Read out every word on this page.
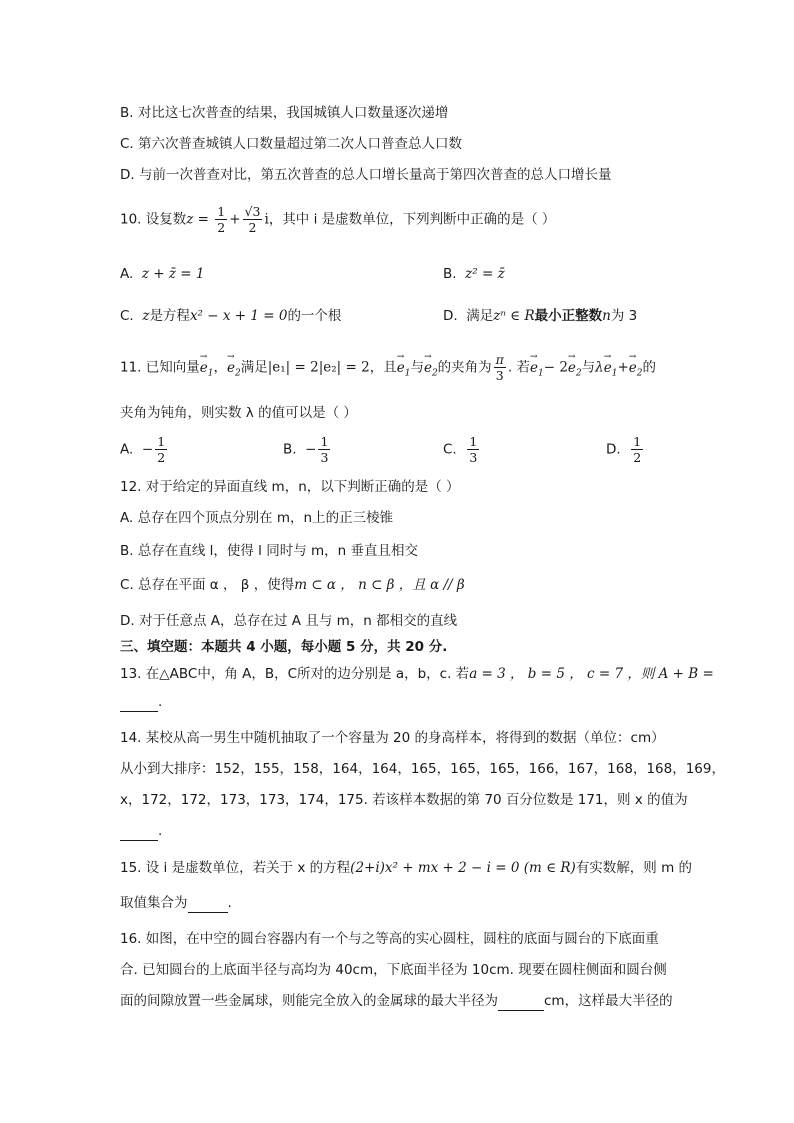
B. 对比这七次普查的结果，我国城镇人口数量逐次递增
C. 第六次普查城镇人口数量超过第二次人口普查总人口数
D. 与前一次普查对比，第五次普查的总人口增长量高于第四次普查的总人口增长量
10. 设复数$z = \frac{1}{2} + \frac{√3}{2}$ i，其中 i 是虚数单位，下列判断中正确的是（ ）
A. z + z̄ = 1	B. z² = z̄
C. z是方程x² − x + 1 = 0的一个根	D. 满足zⁿ ∈ R最小正整数n为 3
11. 已知向量→ $e_1$，→ $e_2$满足|e₁| = 2|e₂| = 2，且→ $e_1$与→ $e_2$的夹角为 $\frac{\pi}{3}$ . 若→ $e_1- 2\to e_2$与$\lambda\to e_1+\to e_2$的
夹角为钝角，则实数 λ 的值可以是（ ）
A. − $\frac{1}{2}$	B. − $\frac{1}{3}$	C. $\frac{1}{3}$	D. $\frac{1}{2}$
12. 对于给定的异面直线 m，n，以下判断正确的是（ ）
A. 总存在四个顶点分别在 m，n上的正三棱锥
B. 总存在直线 l，使得 l 同时与 m，n 垂直且相交
C. 总存在平面 α ， β ，使得m ⊂ α ， n ⊂ β ，且 α // β
D. 对于任意点 A，总存在过 A 且与 m，n 都相交的直线
三、填空题：本题共 4 小题，每小题 5 分，共 20 分.
13. 在△ABC中，角 A，B，C所对的边分别是 a，b，c. 若a = 3 ， b = 5 ， c = 7 ，则 A + B =
.
14. 某校从高一男生中随机抽取了一个容量为 20 的身高样本，将得到的数据（单位：cm）
从小到大排序：152，155，158，164，164，165，165，165，166，167，168，168，169，
x，172，172，173，173，174，175. 若该样本数据的第 70 百分位数是 171，则 x 的值为
.
15. 设 i 是虚数单位，若关于 x 的方程(2+i)x² + mx + 2 − i = 0 (m ∈ R)有实数解，则 m 的
取值集合为	.
16. 如图，在中空的圆台容器内有一个与之等高的实心圆柱，圆柱的底面与圆台的下底面重
合. 已知圆台的上底面半径与高均为 40cm，下底面半径为 10cm. 现要在圆柱侧面和圆台侧
面的间隙放置一些金属球，则能完全放入的金属球的最大半径为	cm，这样最大半径的
